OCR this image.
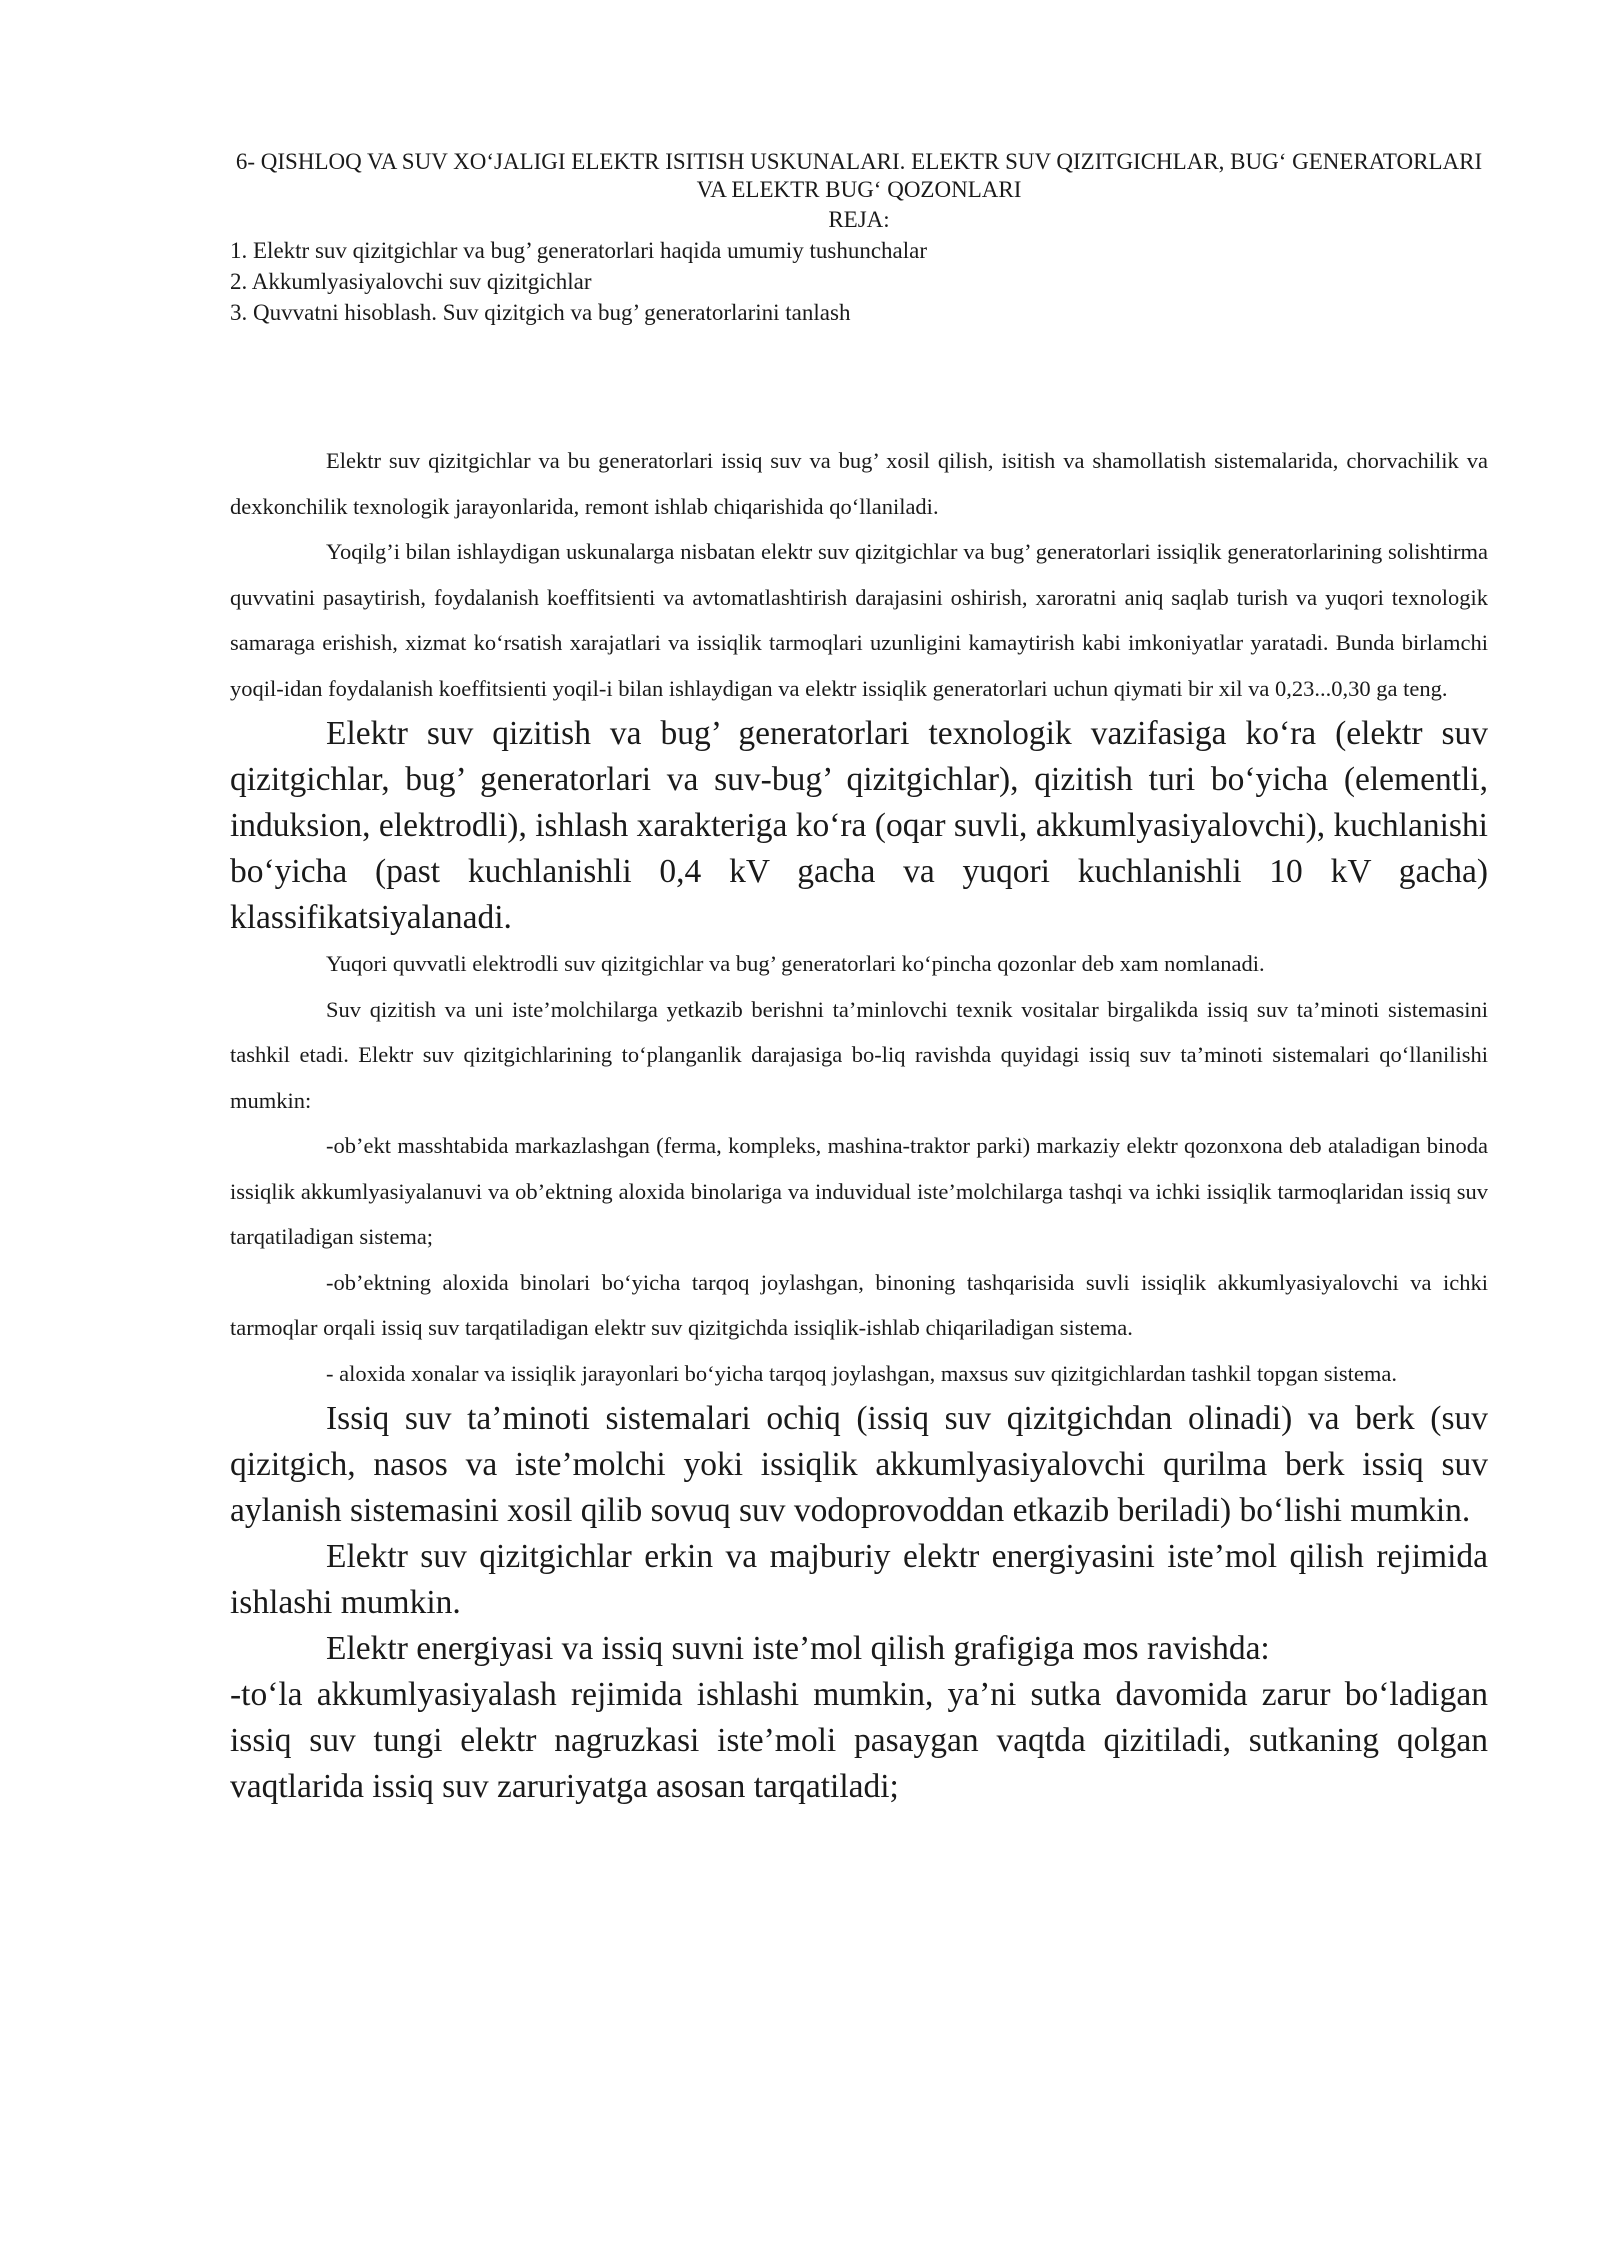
6- QISHLOQ VA SUV XO‘JALIGI ELEKTR ISITISH USKUNALARI. ELEKTR SUV QIZITGICHLAR, BUG‘ GENERATORLARI VA ELEKTR BUG‘ QOZONLARI
REJA:
1. Elektr suv qizitgichlar va bug’ generatorlari haqida umumiy tushunchalar
2. Akkumlyasiyalovchi suv qizitgichlar
3. Quvvatni hisoblash. Suv qizitgich va bug’ generatorlarini tanlash

Elektr suv qizitgichlar va bu generatorlari issiq suv va bug’ xosil qilish, isitish va shamollatish sistemalarida, chorvachilik va dexkonchilik texnologik jarayonlarida, remont ishlab chiqarishida qo‘llaniladi.

Yoqilg’i bilan ishlaydigan uskunalarga nisbatan elektr suv qizitgichlar va bug’ generatorlari issiqlik generatorlarining solishtirma quvvatini pasaytirish, foydalanish koeffitsienti va avtomatlashtirish darajasini oshirish, xaroratni aniq saqlab turish va yuqori texnologik samaraga erishish, xizmat ko‘rsatish xarajatlari va issiqlik tarmoqlari uzunligini kamaytirish kabi imkoniyatlar yaratadi. Bunda birlamchi yoqil-idan foydalanish koeffitsienti yoqil-i bilan ishlaydigan va elektr issiqlik generatorlari uchun qiymati bir xil va 0,23...0,30 ga teng.

Elektr suv qizitish va bug’ generatorlari texnologik vazifasiga ko‘ra (elektr suv qizitgichlar, bug’ generatorlari va suv-bug’ qizitgichlar), qizitish turi bo‘yicha (elementli, induksion, elektrodli), ishlash xarakteriga ko‘ra (oqar suvli, akkumlyasiyalovchi), kuchlanishi bo‘yicha (past kuchlanishli 0,4 kV gacha va yuqori kuchlanishli 10 kV gacha) klassifikatsiyalanadi.

Yuqori quvvatli elektrodli suv qizitgichlar va bug’ generatorlari ko‘pincha qozonlar deb xam nomlanadi.

Suv qizitish va uni iste’molchilarga yetkazib berishni ta’minlovchi texnik vositalar birgalikda issiq suv ta’minoti sistemasini tashkil etadi. Elektr suv qizitgichlarining to‘planganlik darajasiga bo-liq ravishda quyidagi issiq suv ta’minoti sistemalari qo‘llanilishi mumkin:

-ob’ekt masshtabida markazlashgan (ferma, kompleks, mashina-traktor parki) markaziy elektr qozonxona deb ataladigan binoda issiqlik akkumlyasiyalanuvi va ob’ektning aloxida binolariga va induvidual iste’molchilarga tashqi va ichki issiqlik tarmoqlaridan issiq suv tarqatiladigan sistema;

-ob’ektning aloxida binolari bo‘yicha tarqoq joylashgan, binoning tashqarisida suvli issiqlik akkumlyasiyalovchi va ichki tarmoqlar orqali issiq suv tarqatiladigan elektr suv qizitgichda issiqlik-ishlab chiqariladigan sistema.

- aloxida xonalar va issiqlik jarayonlari bo‘yicha tarqoq joylashgan, maxsus suv qizitgichlardan tashkil topgan sistema.

Issiq suv ta’minoti sistemalari ochiq (issiq suv qizitgichdan olinadi) va berk (suv qizitgich, nasos va iste’molchi yoki issiqlik akkumlyasiyalovchi qurilma berk issiq suv aylanish sistemasini xosil qilib sovuq suv vodoprovoddan etkazib beriladi) bo‘lishi mumkin.

Elektr suv qizitgichlar erkin va majburiy elektr energiyasini iste’mol qilish rejimida ishlashi mumkin.

Elektr energiyasi va issiq suvni iste’mol qilish grafigiga mos ravishda:

-to‘la akkumlyasiyalash rejimida ishlashi mumkin, ya’ni sutka davomida zarur bo‘ladigan issiq suv tungi elektr nagruzkasi iste’moli pasaygan vaqtda qizitiladi, sutkaning qolgan vaqtlarida issiq suv zaruriyatga asosan tarqatiladi;
